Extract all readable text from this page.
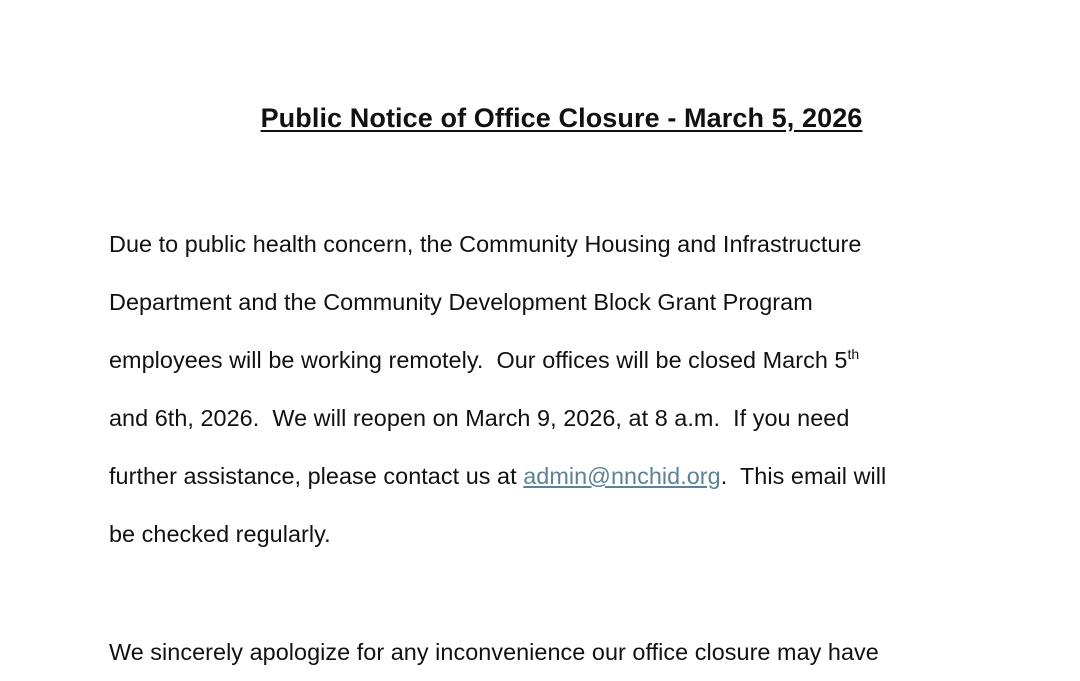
Public Notice of Office Closure - March 5, 2026
Due to public health concern, the Community Housing and Infrastructure
Department and the Community Development Block Grant Program
employees will be working remotely.  Our offices will be closed March 5th
and 6th, 2026.  We will reopen on March 9, 2026, at 8 a.m.  If you need
further assistance, please contact us at admin@nnchid.org.  This email will
be checked regularly.
We sincerely apologize for any inconvenience our office closure may have
